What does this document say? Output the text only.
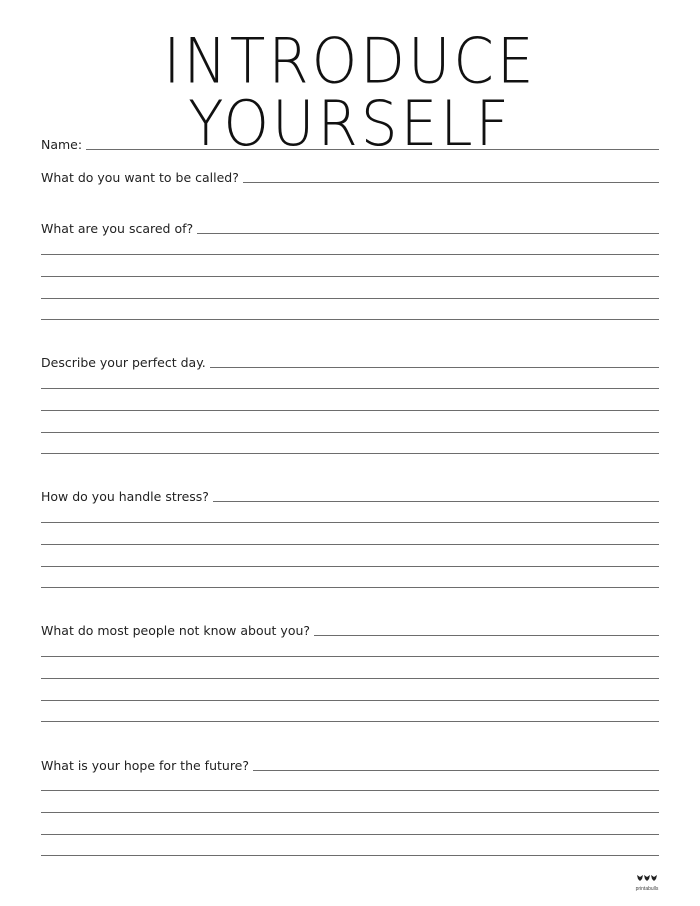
INTRODUCE YOURSELF
Name:
What do you want to be called?
What are you scared of?
Describe your perfect day.
How do you handle stress?
What do most people not know about you?
What is your hope for the future?
printabulls
